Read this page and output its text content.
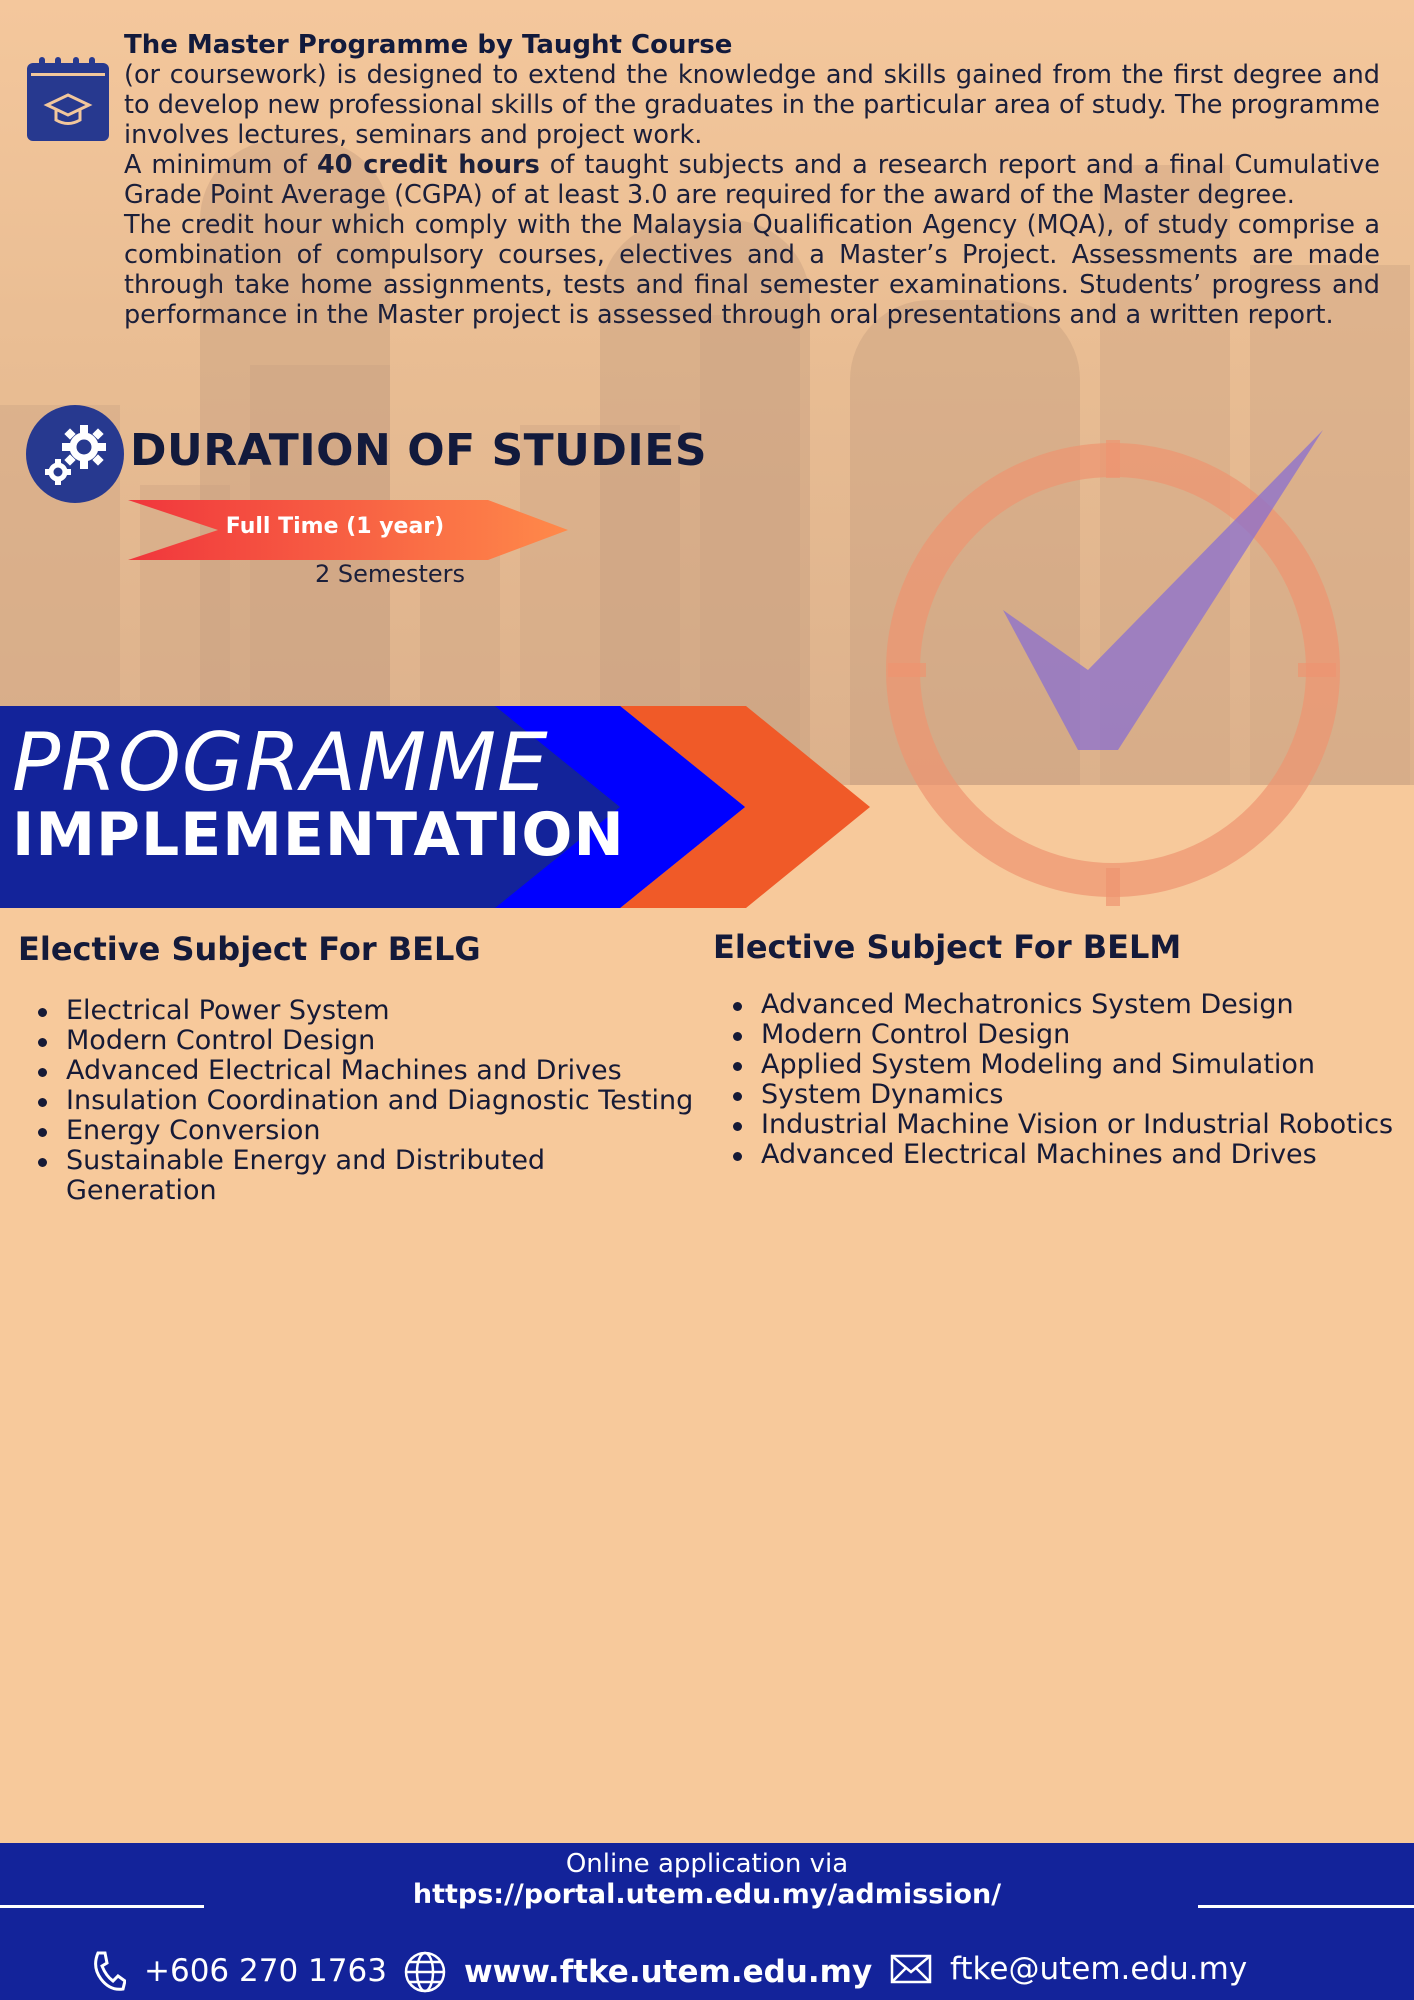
The Master Programme by Taught Course

(or coursework) is designed to extend the knowledge and skills gained from the first degree and to develop new professional skills of the graduates in the particular area of study. The programme involves lectures, seminars and project work.

A minimum of 40 credit hours of taught subjects and a research report and a final Cumulative Grade Point Average (CGPA) of at least 3.0 are required for the award of the Master degree.

The credit hour which comply with the Malaysia Qualification Agency (MQA), of study comprise a combination of compulsory courses, electives and a Master’s Project. Assessments are made through take home assignments, tests and final semester examinations. Students’ progress and performance in the Master project is assessed through oral presentations and a written report.

DURATION OF STUDIES
Full Time (1 year)
2 Semesters
PROGRAMME
IMPLEMENTATION
Elective Subject For BELG
Electrical Power System
Modern Control Design
Advanced Electrical Machines and Drives
Insulation Coordination and Diagnostic Testing
Energy Conversion
Sustainable Energy and Distributed Generation
Elective Subject For BELM
Advanced Mechatronics System Design
Modern Control Design
Applied System Modeling and Simulation
System Dynamics
Industrial Machine Vision or Industrial Robotics
Advanced Electrical Machines and Drives
Online application via
https://portal.utem.edu.my/admission/
+606 270 1763 www.ftke.utem.edu.my	ftke@utem.edu.my
